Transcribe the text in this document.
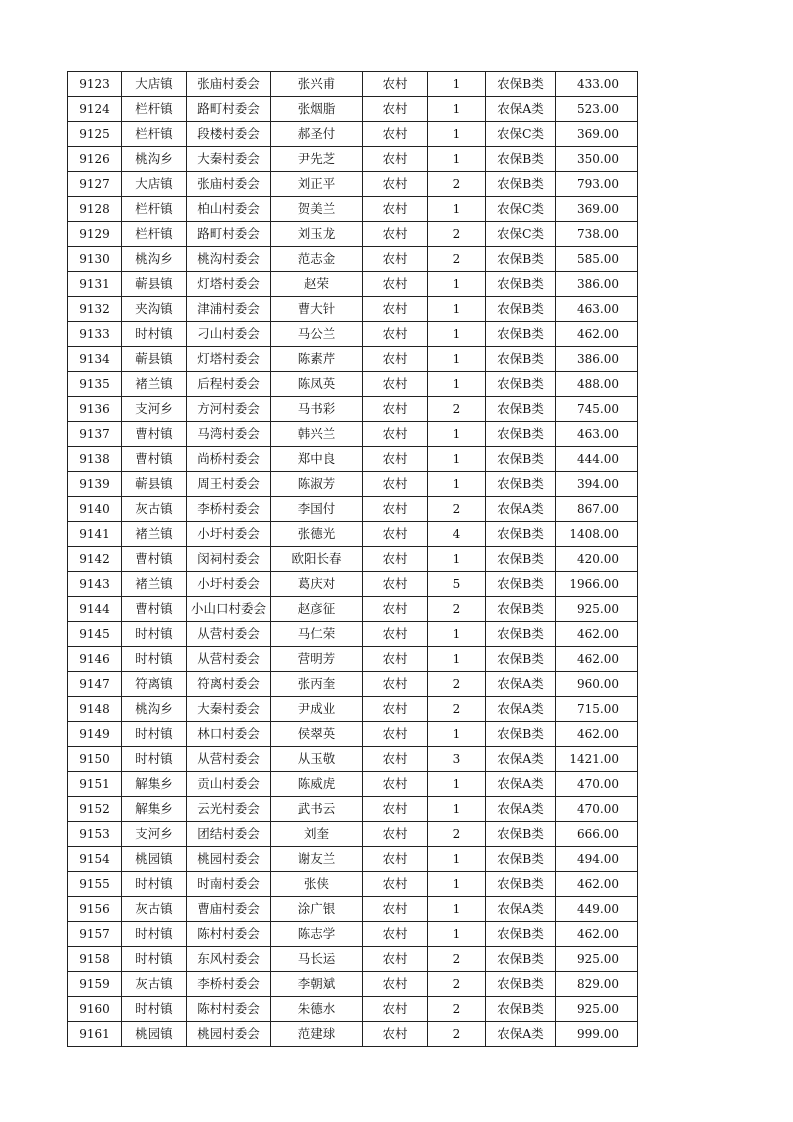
9123	大店镇	张庙村委会	张兴甫	农村	1	农保B类	433.00
9124	栏杆镇	路町村委会	张烟脂	农村	1	农保A类	523.00
9125	栏杆镇	段楼村委会	郝圣付	农村	1	农保C类	369.00
9126	桃沟乡	大秦村委会	尹先芝	农村	1	农保B类	350.00
9127	大店镇	张庙村委会	刘正平	农村	2	农保B类	793.00
9128	栏杆镇	柏山村委会	贺美兰	农村	1	农保C类	369.00
9129	栏杆镇	路町村委会	刘玉龙	农村	2	农保C类	738.00
9130	桃沟乡	桃沟村委会	范志金	农村	2	农保B类	585.00
9131	蕲县镇	灯塔村委会	赵荣	农村	1	农保B类	386.00
9132	夹沟镇	津浦村委会	曹大针	农村	1	农保B类	463.00
9133	时村镇	刁山村委会	马公兰	农村	1	农保B类	462.00
9134	蕲县镇	灯塔村委会	陈素芹	农村	1	农保B类	386.00
9135	褚兰镇	后程村委会	陈凤英	农村	1	农保B类	488.00
9136	支河乡	方河村委会	马书彩	农村	2	农保B类	745.00
9137	曹村镇	马湾村委会	韩兴兰	农村	1	农保B类	463.00
9138	曹村镇	尚桥村委会	郑中良	农村	1	农保B类	444.00
9139	蕲县镇	周王村委会	陈淑芳	农村	1	农保B类	394.00
9140	灰古镇	李桥村委会	李国付	农村	2	农保A类	867.00
9141	褚兰镇	小圩村委会	张德光	农村	4	农保B类	1408.00
9142	曹村镇	闵祠村委会	欧阳长春	农村	1	农保B类	420.00
9143	褚兰镇	小圩村委会	葛庆对	农村	5	农保B类	1966.00
9144	曹村镇	小山口村委会	赵彦征	农村	2	农保B类	925.00
9145	时村镇	从营村委会	马仁荣	农村	1	农保B类	462.00
9146	时村镇	从营村委会	营明芳	农村	1	农保B类	462.00
9147	符离镇	符离村委会	张丙奎	农村	2	农保A类	960.00
9148	桃沟乡	大秦村委会	尹成业	农村	2	农保A类	715.00
9149	时村镇	林口村委会	侯翠英	农村	1	农保B类	462.00
9150	时村镇	从营村委会	从玉敬	农村	3	农保A类	1421.00
9151	解集乡	贡山村委会	陈威虎	农村	1	农保A类	470.00
9152	解集乡	云光村委会	武书云	农村	1	农保A类	470.00
9153	支河乡	团结村委会	刘奎	农村	2	农保B类	666.00
9154	桃园镇	桃园村委会	谢友兰	农村	1	农保B类	494.00
9155	时村镇	时南村委会	张侠	农村	1	农保B类	462.00
9156	灰古镇	曹庙村委会	涂广银	农村	1	农保A类	449.00
9157	时村镇	陈村村委会	陈志学	农村	1	农保B类	462.00
9158	时村镇	东风村委会	马长运	农村	2	农保B类	925.00
9159	灰古镇	李桥村委会	李朝斌	农村	2	农保B类	829.00
9160	时村镇	陈村村委会	朱德水	农村	2	农保B类	925.00
9161	桃园镇	桃园村委会	范建球	农村	2	农保A类	999.00
